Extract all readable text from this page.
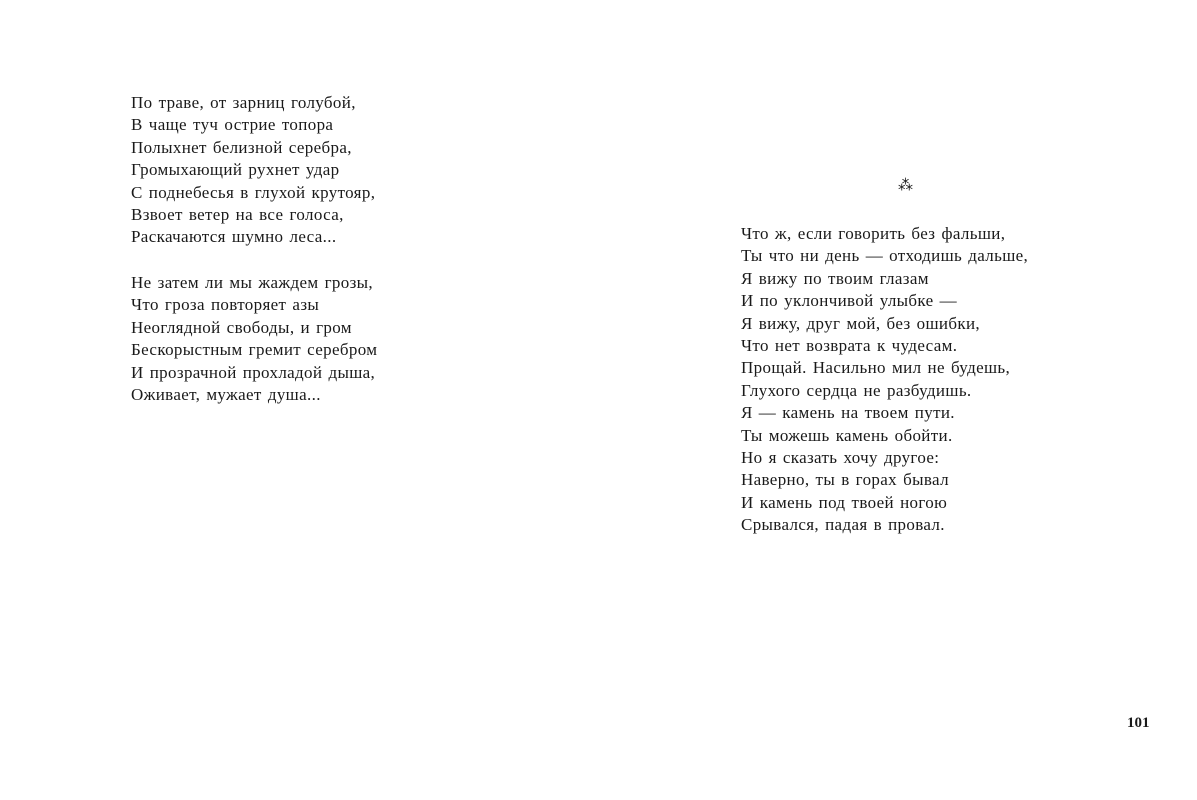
По траве, от зарниц голубой,
В чаще туч острие топора
Полыхнет белизной серебра,
Громыхающий рухнет удар
С поднебесья в глухой крутояр,
Взвоет ветер на все голоса,
Раскачаются шумно леса...
Не затем ли мы жаждем грозы,
Что гроза повторяет азы
Неоглядной свободы, и гром
Бескорыстным гремит серебром
И прозрачной прохладой дыша,
Оживает, мужает душа...
⁂
Что ж, если говорить без фальши,
Ты что ни день — отходишь дальше,
Я вижу по твоим глазам
И по уклончивой улыбке —
Я вижу, друг мой, без ошибки,
Что нет возврата к чудесам.
Прощай. Насильно мил не будешь,
Глухого сердца не разбудишь.
Я — камень на твоем пути.
Ты можешь камень обойти.
Но я сказать хочу другое:
Наверно, ты в горах бывал
И камень под твоей ногою
Срывался, падая в провал.
101
